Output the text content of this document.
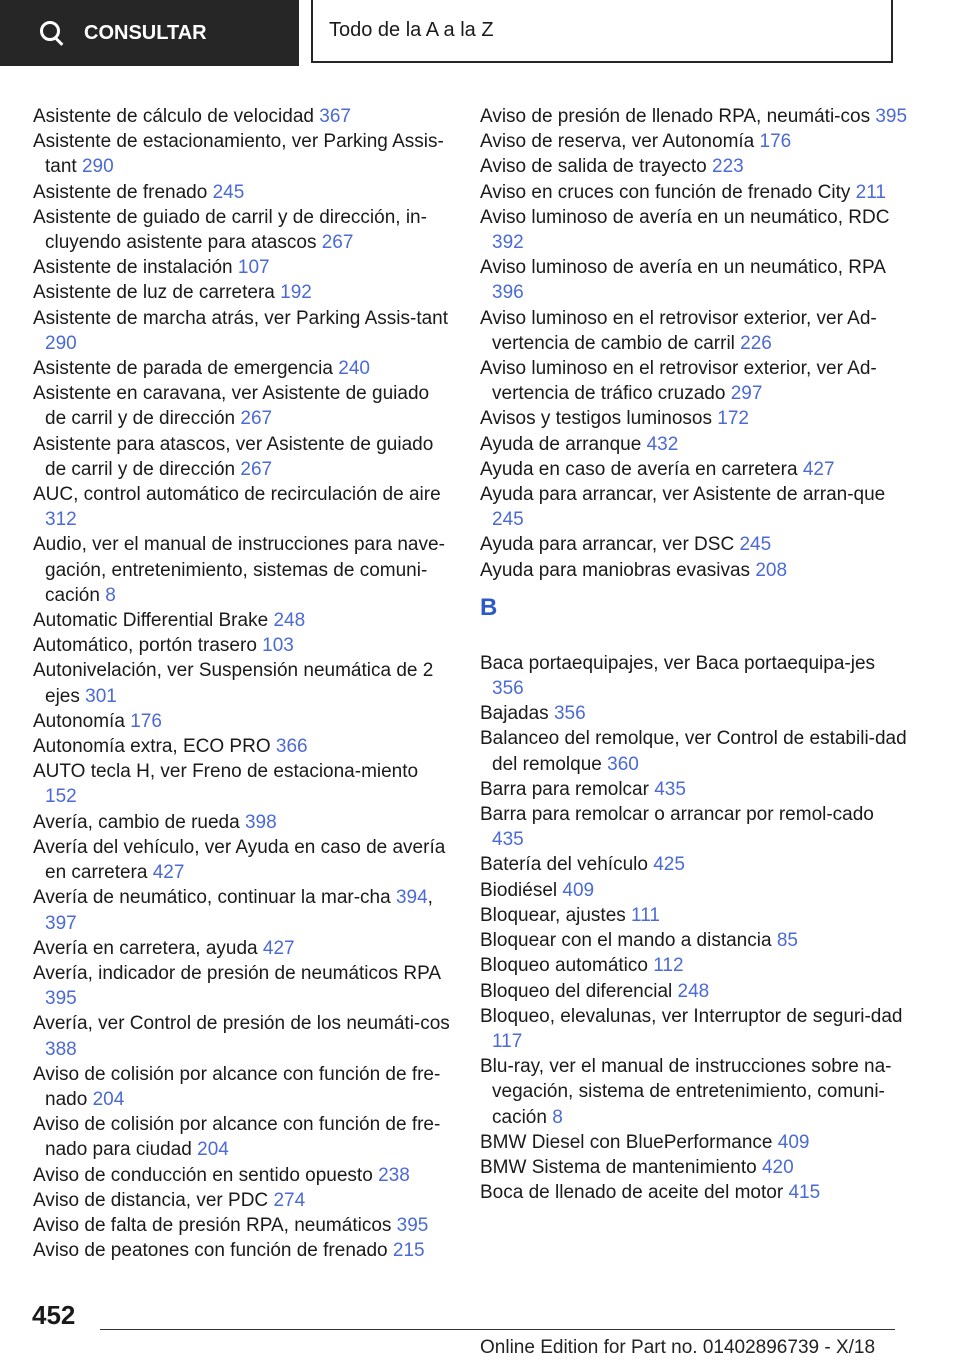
CONSULTAR	Todo de la A a la Z
Asistente de cálculo de velocidad 367
Asistente de estacionamiento, ver Parking Assis-tant 290
Asistente de frenado 245
Asistente de guiado de carril y de dirección, in-cluyendo asistente para atascos 267
Asistente de instalación 107
Asistente de luz de carretera 192
Asistente de marcha atrás, ver Parking Assis-tant 290
Asistente de parada de emergencia 240
Asistente en caravana, ver Asistente de guiado de carril y de dirección 267
Asistente para atascos, ver Asistente de guiado de carril y de dirección 267
AUC, control automático de recirculación de aire 312
Audio, ver el manual de instrucciones para nave-gación, entretenimiento, sistemas de comuni-cación 8
Automatic Differential Brake 248
Automático, portón trasero 103
Autonivelación, ver Suspensión neumática de 2 ejes 301
Autonomía 176
Autonomía extra, ECO PRO 366
AUTO tecla H, ver Freno de estaciona-miento 152
Avería, cambio de rueda 398
Avería del vehículo, ver Ayuda en caso de avería en carretera 427
Avería de neumático, continuar la mar-cha 394, 397
Avería en carretera, ayuda 427
Avería, indicador de presión de neumáticos RPA 395
Avería, ver Control de presión de los neumáti-cos 388
Aviso de colisión por alcance con función de fre-nado 204
Aviso de colisión por alcance con función de fre-nado para ciudad 204
Aviso de conducción en sentido opuesto 238
Aviso de distancia, ver PDC 274
Aviso de falta de presión RPA, neumáticos 395
Aviso de peatones con función de frenado 215
Aviso de presión de llenado RPA, neumáti-cos 395
Aviso de reserva, ver Autonomía 176
Aviso de salida de trayecto 223
Aviso en cruces con función de frenado City 211
Aviso luminoso de avería en un neumático, RDC 392
Aviso luminoso de avería en un neumático, RPA 396
Aviso luminoso en el retrovisor exterior, ver Ad-vertencia de cambio de carril 226
Aviso luminoso en el retrovisor exterior, ver Ad-vertencia de tráfico cruzado 297
Avisos y testigos luminosos 172
Ayuda de arranque 432
Ayuda en caso de avería en carretera 427
Ayuda para arrancar, ver Asistente de arran-que 245
Ayuda para arrancar, ver DSC 245
Ayuda para maniobras evasivas 208
B
Baca portaequipajes, ver Baca portaequipa-jes 356
Bajadas 356
Balanceo del remolque, ver Control de estabili-dad del remolque 360
Barra para remolcar 435
Barra para remolcar o arrancar por remol-cado 435
Batería del vehículo 425
Biodiésel 409
Bloquear, ajustes 111
Bloquear con el mando a distancia 85
Bloqueo automático 112
Bloqueo del diferencial 248
Bloqueo, elevalunas, ver Interruptor de seguri-dad 117
Blu-ray, ver el manual de instrucciones sobre na-vegación, sistema de entretenimiento, comuni-cación 8
BMW Diesel con BluePerformance 409
BMW Sistema de mantenimiento 420
Boca de llenado de aceite del motor 415
452
Online Edition for Part no. 01402896739 - X/18
